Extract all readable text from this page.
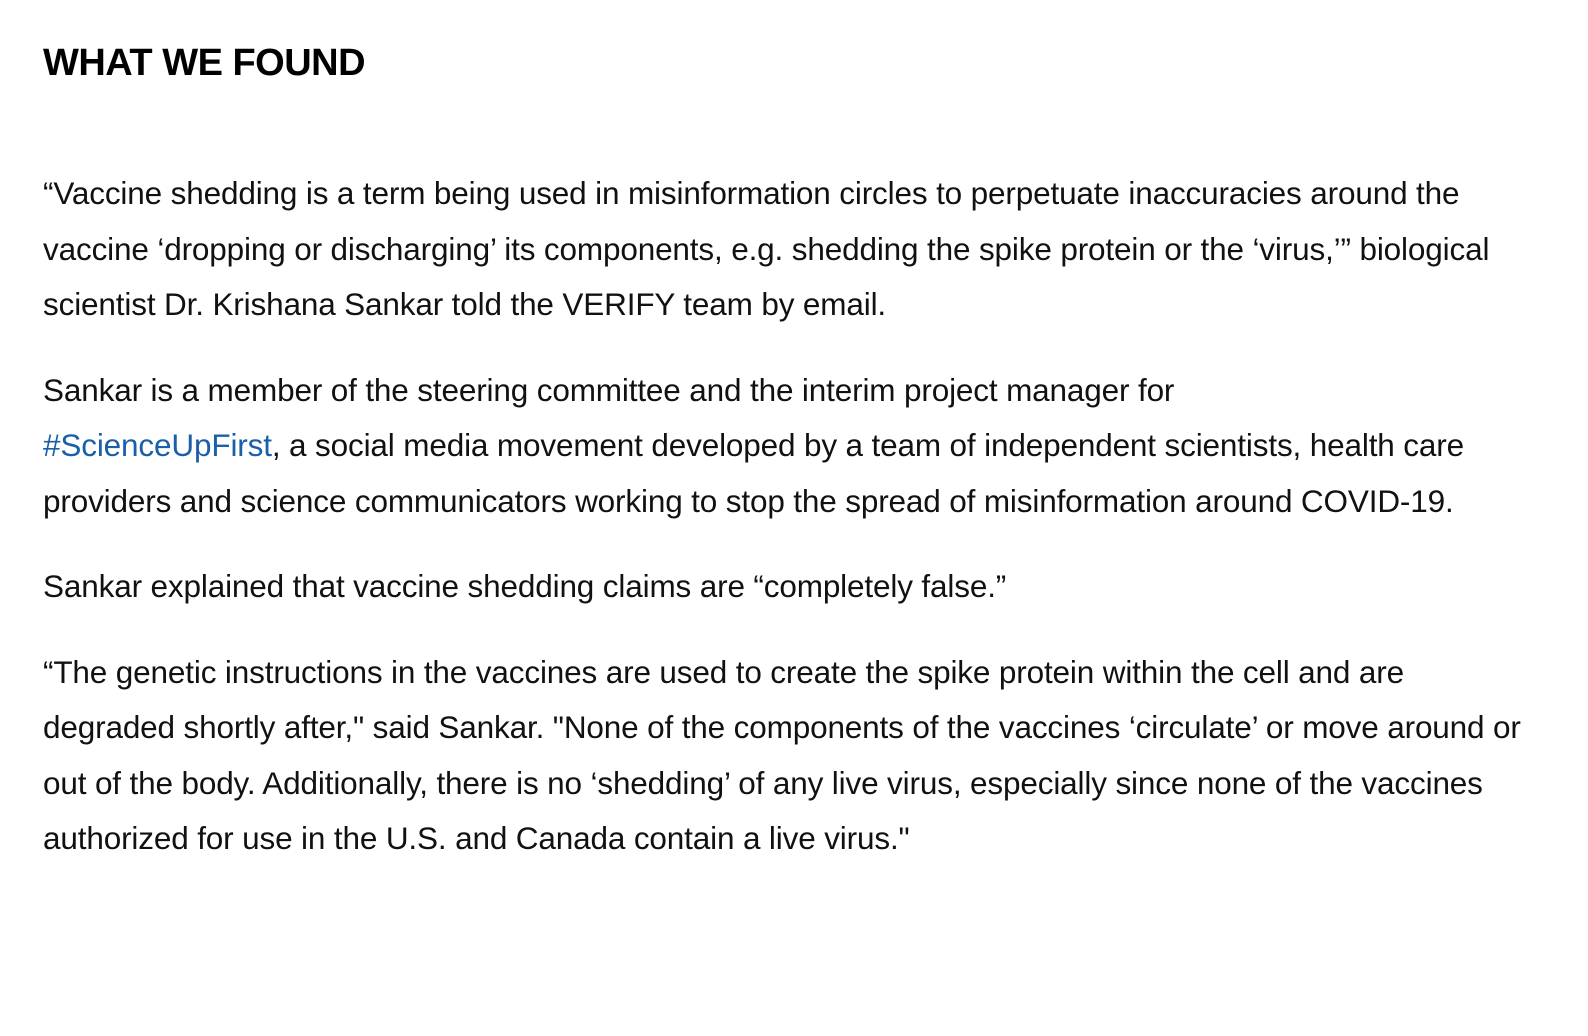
WHAT WE FOUND

“Vaccine shedding is a term being used in misinformation circles to perpetuate inaccuracies around the vaccine ‘dropping or discharging’ its components, e.g. shedding the spike protein or the ‘virus,’” biological scientist Dr. Krishana Sankar told the VERIFY team by email.

Sankar is a member of the steering committee and the interim project manager for
#ScienceUpFirst, a social media movement developed by a team of independent scientists, health care providers and science communicators working to stop the spread of misinformation around COVID-19.

Sankar explained that vaccine shedding claims are “completely false.”

“The genetic instructions in the vaccines are used to create the spike protein within the cell and are degraded shortly after," said Sankar. "None of the components of the vaccines ‘circulate’ or move around or out of the body. Additionally, there is no ‘shedding’ of any live virus, especially since none of the vaccines authorized for use in the U.S. and Canada contain a live virus."
